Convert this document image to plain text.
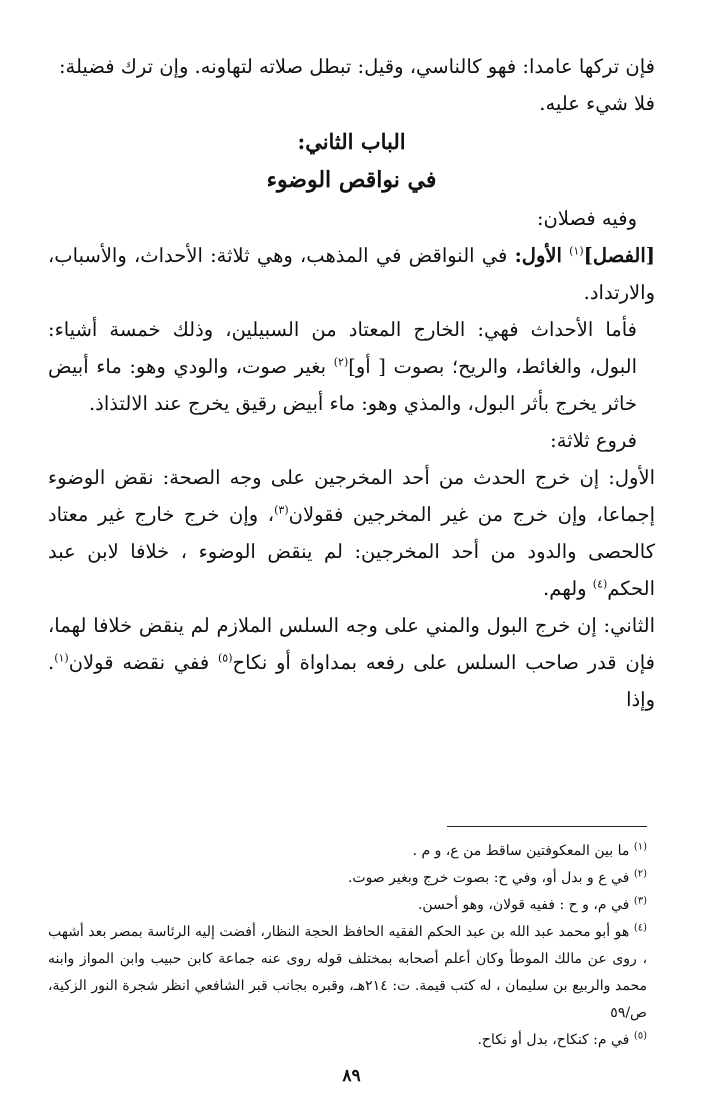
فإن تركها عامدا: فهو كالناسي، وقيل: تبطل صلاته لتهاونه. وإن ترك فضيلة:
فلا شيء عليه.

الباب الثاني:

في نواقص الوضوء

وفيه فصلان:

[الفصل]$^{(١)}$ الأول: في النواقض في المذهب، وهي ثلاثة: الأحداث، والأسباب، والارتداد.

فأما الأحداث فهي: الخارج المعتاد من السبيلين، وذلك خمسة أشياء: البول، والغائط، والريح؛ بصوت [ أو]$^{(٢)}$ بغير صوت، والودي وهو: ماء أبيض خاثر يخرج بأثر البول، والمذي وهو: ماء أبيض رقيق يخرج عند الالتذاذ.

فروع ثلاثة:

الأول: إن خرج الحدث من أحد المخرجين على وجه الصحة: نقض الوضوء إجماعا، وإن خرج من غير المخرجين فقولان$^{(٣)}$، وإن خرج خارج غير معتاد كالحصى والدود من أحد المخرجين: لم ينقض الوضوء ، خلافا لابن عبد الحكم$^{(٤)}$ ولهم.

الثاني: إن خرج البول والمني على وجه السلس الملازم لم ينقض خلافا لهما، فإن قدر صاحب السلس على رفعه بمداواة أو نكاح$^{(٥)}$ ففي نقضه قولان$^{(١)}$. وإذا

$^{(١)}$ ما بين المعكوفتين ساقط من ع، و م .

$^{(٢)}$ في ع و بدل أو، وفي ح: بصوت خرج وبغير صوت.

$^{(٣)}$ في م، و ح : ففيه قولان، وهو أحسن.

$^{(٤)}$ هو أبو محمد عبد الله بن عبد الحكم الفقيه الحافظ الحجة النظار، أفضت إليه الرئاسة بمصر بعد أشهب ، روى عن مالك الموطأ وكان أعلم أصحابه بمختلف قوله روى عنه جماعة كابن حبيب وابن المواز وابنه محمد والربيع بن سليمان ، له كتب قيمة. ت: ٢١٤هـ، وقبره بجانب قبر الشافعي انظر شجرة النور الزكية، ص/٥٩

$^{(٥)}$ في م: كنكاح، بدل أو نكاح.

٨٩
